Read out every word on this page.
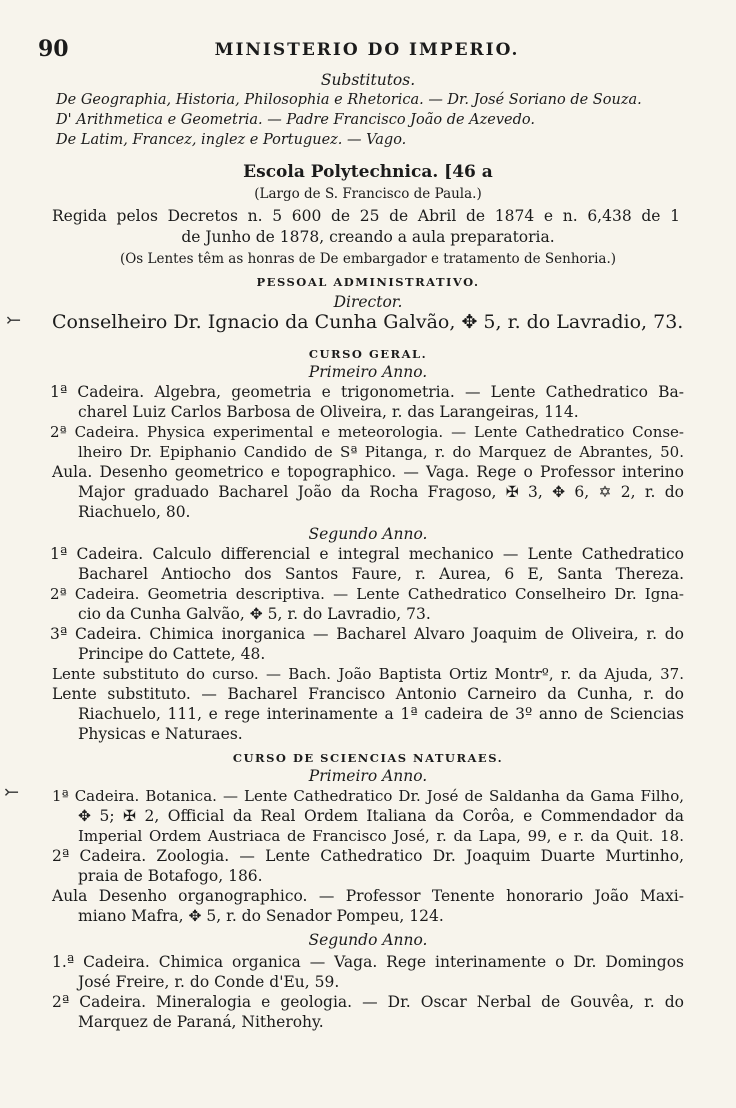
90	MINISTERIO DO IMPERIO.
Substitutos.
De Geographia, Historia, Philosophia e Rhetorica. — Dr. José Soriano de Souza.
D' Arithmetica e Geometria. — Padre Francisco João de Azevedo.
De Latim, Francez, inglez e Portuguez. — Vago.
Escola Polytechnica. [46 a
(Largo de S. Francisco de Paula.)
Regida pelos Decretos n. 5 600 de 25 de Abril de 1874 e n. 6,438 de 1
de Junho de 1878, creando a aula preparatoria.
(Os Lentes têm as honras de De embargador e tratamento de Senhoria.)
PESSOAL ADMINISTRATIVO.
Director.
⤚ Conselheiro Dr. Ignacio da Cunha Galvão, ✥ 5, r. do Lavradio, 73.
CURSO GERAL.
Primeiro Anno.
1ª Cadeira. Algebra, geometria e trigonometria. — Lente Cathedratico Ba-
charel Luiz Carlos Barbosa de Oliveira, r. das Larangeiras, 114.
2ª Cadeira. Physica experimental e meteorologia. — Lente Cathedratico Conse-
lheiro Dr. Epiphanio Candido de Sª Pitanga, r. do Marquez de Abrantes, 50.
Aula. Desenho geometrico e topographico. — Vaga. Rege o Professor interino
Major graduado Bacharel João da Rocha Fragoso, ✠ 3, ✥ 6, ✡ 2, r. do
Riachuelo, 80.
Segundo Anno.
1ª Cadeira. Calculo differencial e integral mechanico — Lente Cathedratico
Bacharel Antiocho dos Santos Faure, r. Aurea, 6 E, Santa Thereza.
2ª Cadeira. Geometria descriptiva. — Lente Cathedratico Conselheiro Dr. Igna-
cio da Cunha Galvão, ✥ 5, r. do Lavradio, 73.
3ª Cadeira. Chimica inorganica — Bacharel Alvaro Joaquim de Oliveira, r. do
Principe do Cattete, 48.
Lente substituto do curso. — Bach. João Baptista Ortiz Montrº, r. da Ajuda, 37.
Lente substituto. — Bacharel Francisco Antonio Carneiro da Cunha, r. do
Riachuelo, 111, e rege interinamente a 1ª cadeira de 3º anno de Sciencias
Physicas e Naturaes.
CURSO DE SCIENCIAS NATURAES.
Primeiro Anno.
⤚ 1ª Cadeira. Botanica. — Lente Cathedratico Dr. José de Saldanha da Gama Filho,
✥ 5; ✠ 2, Official da Real Ordem Italiana da Corôa, e Commendador da
Imperial Ordem Austriaca de Francisco José, r. da Lapa, 99, e r. da Quit. 18.
2ª Cadeira. Zoologia. — Lente Cathedratico Dr. Joaquim Duarte Murtinho,
praia de Botafogo, 186.
Aula Desenho organographico. — Professor Tenente honorario João Maxi-
miano Mafra, ✥ 5, r. do Senador Pompeu, 124.
Segundo Anno.
1.ª Cadeira. Chimica organica — Vaga. Rege interinamente o Dr. Domingos
José Freire, r. do Conde d'Eu, 59.
2ª Cadeira. Mineralogia e geologia. — Dr. Oscar Nerbal de Gouvêa, r. do
Marquez de Paraná, Nitherohy.
